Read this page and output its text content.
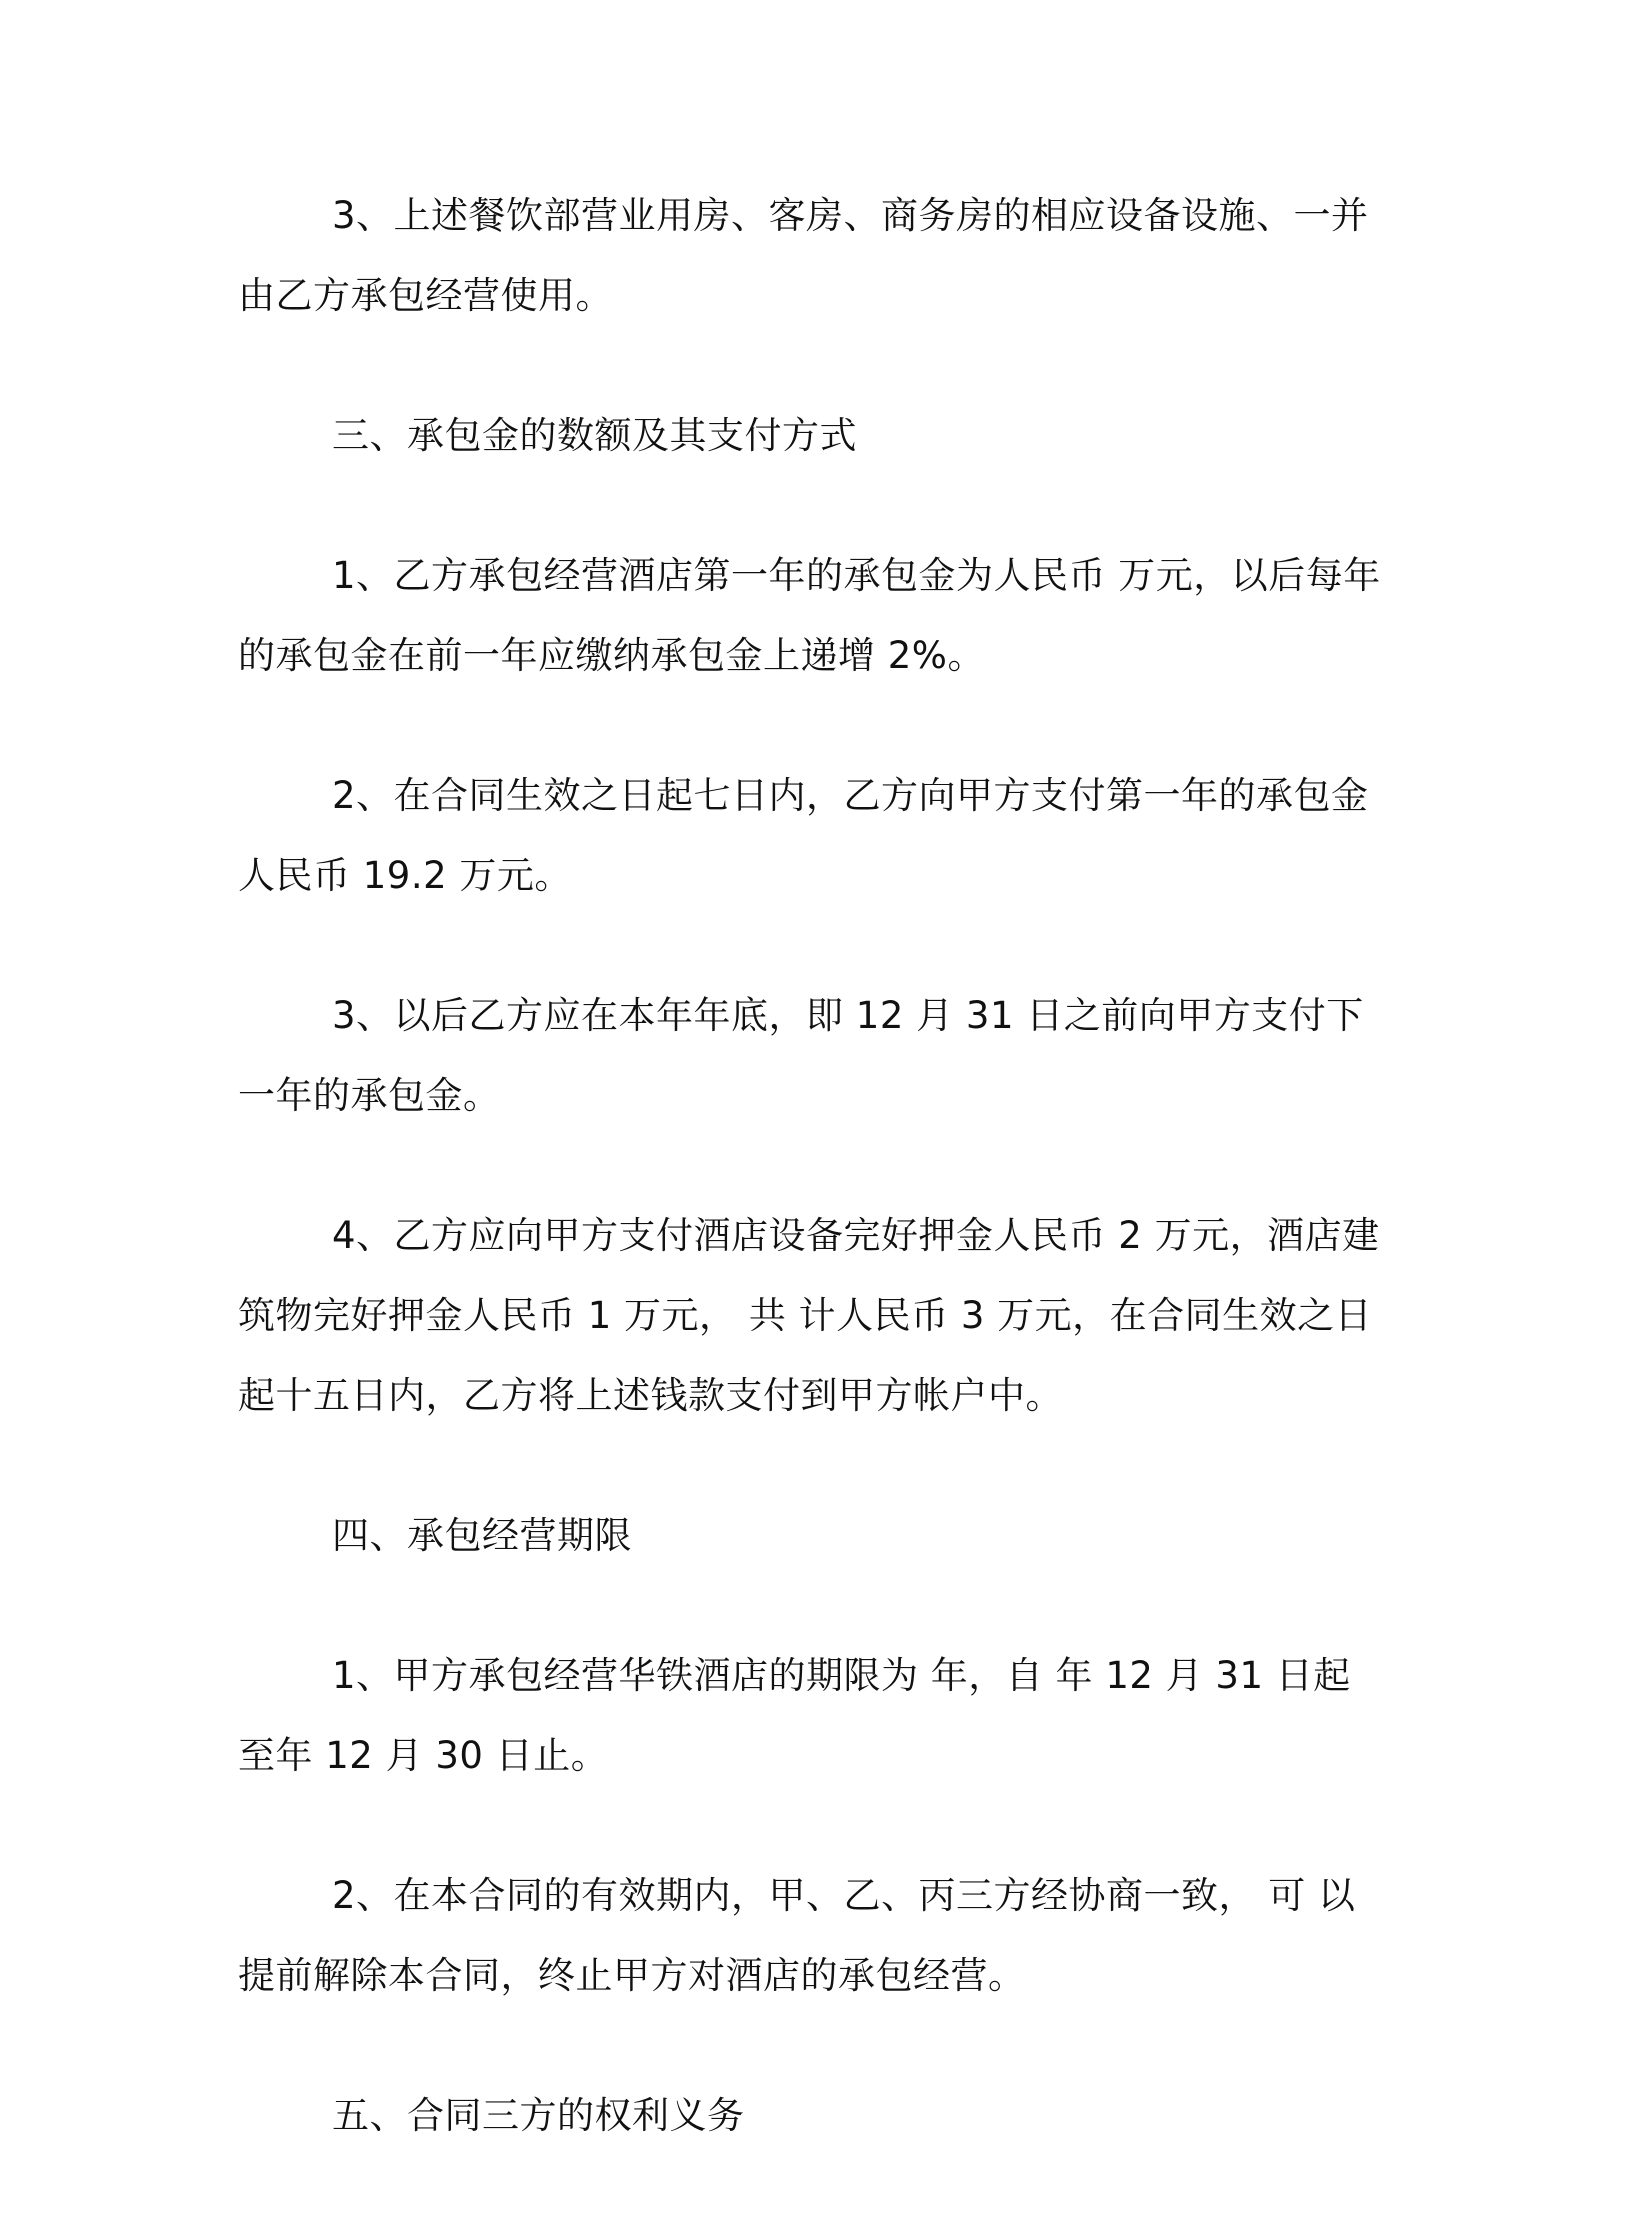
3、上述餐饮部营业用房、客房、商务房的相应设备设施、一并由乙方承包经营使用。

三、承包金的数额及其支付方式

1、乙方承包经营酒店第一年的承包金为人民币 万元，以后每年的承包金在前一年应缴纳承包金上递增 2%。

2、在合同生效之日起七日内，乙方向甲方支付第一年的承包金人民币 19.2 万元。

3、以后乙方应在本年年底，即 12 月 31 日之前向甲方支付下一年的承包金。

4、乙方应向甲方支付酒店设备完好押金人民币 2 万元，酒店建筑物完好押金人民币 1 万元， 共 计人民币 3 万元，在合同生效之日起十五日内，乙方将上述钱款支付到甲方帐户中。

四、承包经营期限

1、甲方承包经营华铁酒店的期限为 年，自 年 12 月 31 日起至年 12 月 30 日止。

2、在本合同的有效期内，甲、乙、丙三方经协商一致， 可 以提前解除本合同，终止甲方对酒店的承包经营。

五、合同三方的权利义务
